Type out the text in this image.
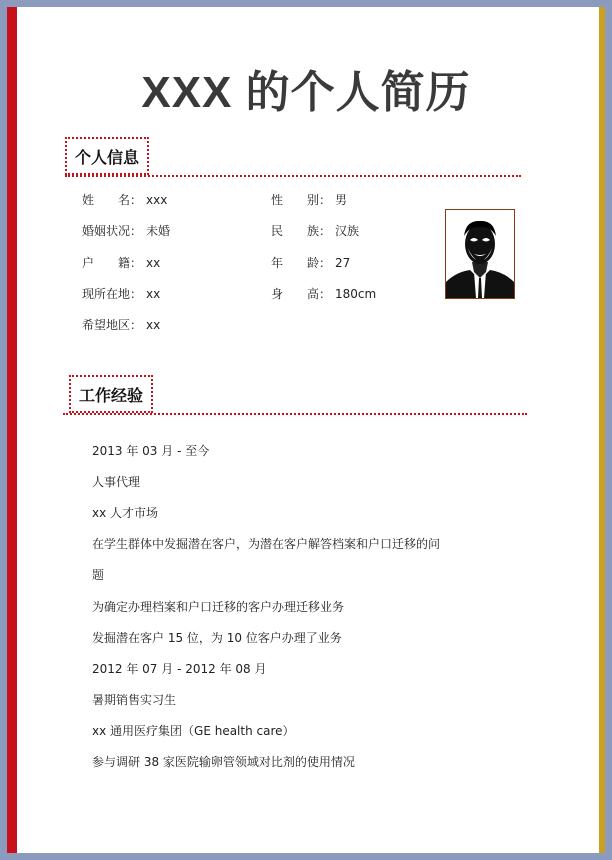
XXX 的个人简历
个人信息
姓　　名： xxx
婚姻状况： 未婚
户　　籍： xx
现所在地： xx
希望地区： xx
性　　别： 男
民　　族： 汉族
年　　龄： 27
身　　高： 180cm
工作经验
2013 年 03 月 - 至今
人事代理
xx 人才市场
在学生群体中发掘潜在客户，为潜在客户解答档案和户口迁移的问
题
为确定办理档案和户口迁移的客户办理迁移业务
发掘潜在客户 15 位，为 10 位客户办理了业务
2012 年 07 月 - 2012 年 08 月
暑期销售实习生
xx 通用医疗集团（GE health care）
参与调研 38 家医院输卵管领域对比剂的使用情况
